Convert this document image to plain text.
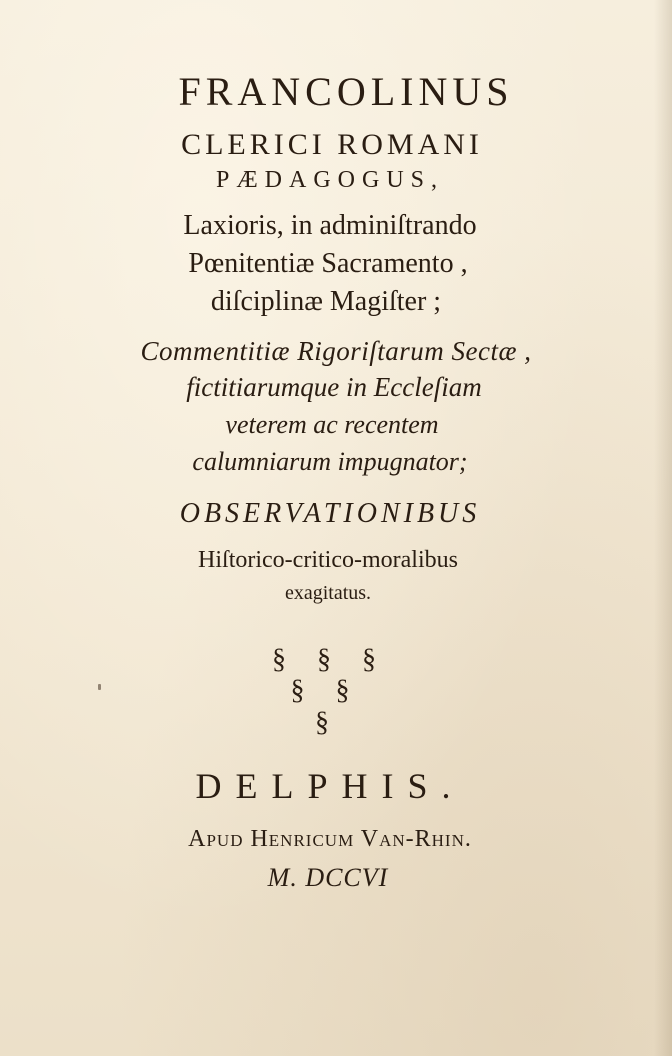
FRANCOLINUS
CLERICI ROMANI
PÆDAGOGUS,
Laxioris, in adminiſtrando
Pœnitentiæ Sacramento ,
diſciplinæ Magiſter ;
Commentitiæ Rigoriſtarum Sectæ ,
fictitiarumque in Eccleſiam
veterem ac recentem
calumniarum impugnator;
OBSERVATIONIBUS
Hiſtorico-critico-moralibus
exagitatus.
§ § §
§ §
§
DELPHIS.
Apud Henricum Van-Rhin.
M. DCCVI
